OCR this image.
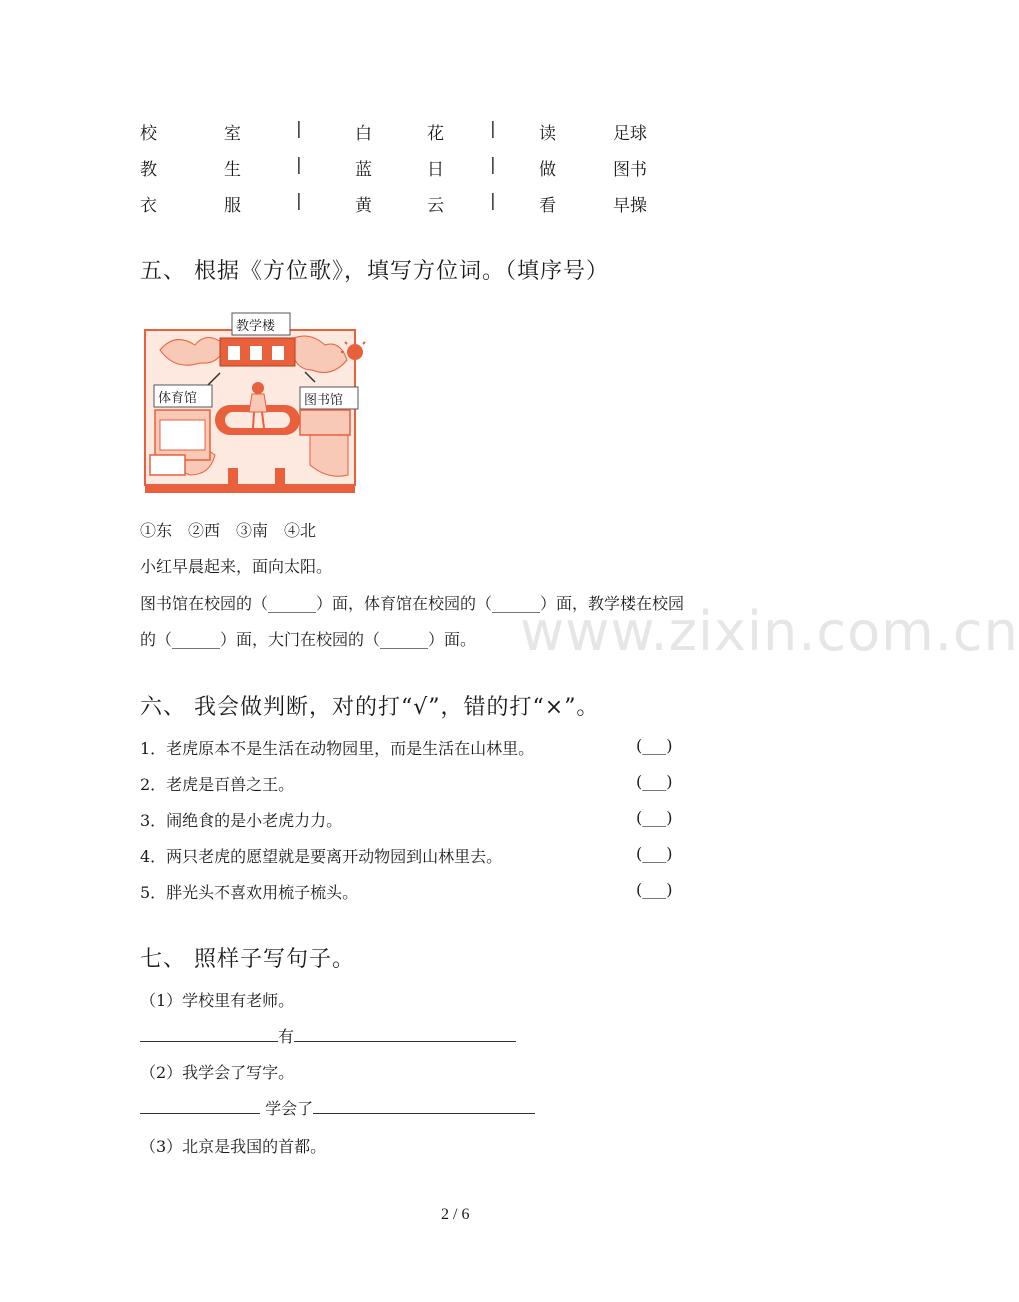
校	室	|	白	花	|	读	足球
教	生	|	蓝	日	|	做	图书
衣	服	|	黄	云	|	看	早操
五、 根据《方位歌》，填写方位词。（填序号）
教学楼
体育馆	图书馆
①东　②西　③南　④北
小红早晨起来，面向太阳。
图书馆在校园的（______）面，体育馆在校园的（______）面，教学楼在校园
的（______）面，大门在校园的（______）面。 www.zixin.com.cn
六、 我会做判断，对的打“√”，错的打“×”。
1．老虎原本不是生活在动物园里，而是生活在山林里。	(___)
2．老虎是百兽之王。	(___)
3．闹绝食的是小老虎力力。	(___)
4．两只老虎的愿望就是要离开动物园到山林里去。	(___)
5．胖光头不喜欢用梳子梳头。	(___)
七、 照样子写句子。
（1）学校里有老师。
有
（2）我学会了写字。
学会了
（3）北京是我国的首都。
2 / 6
